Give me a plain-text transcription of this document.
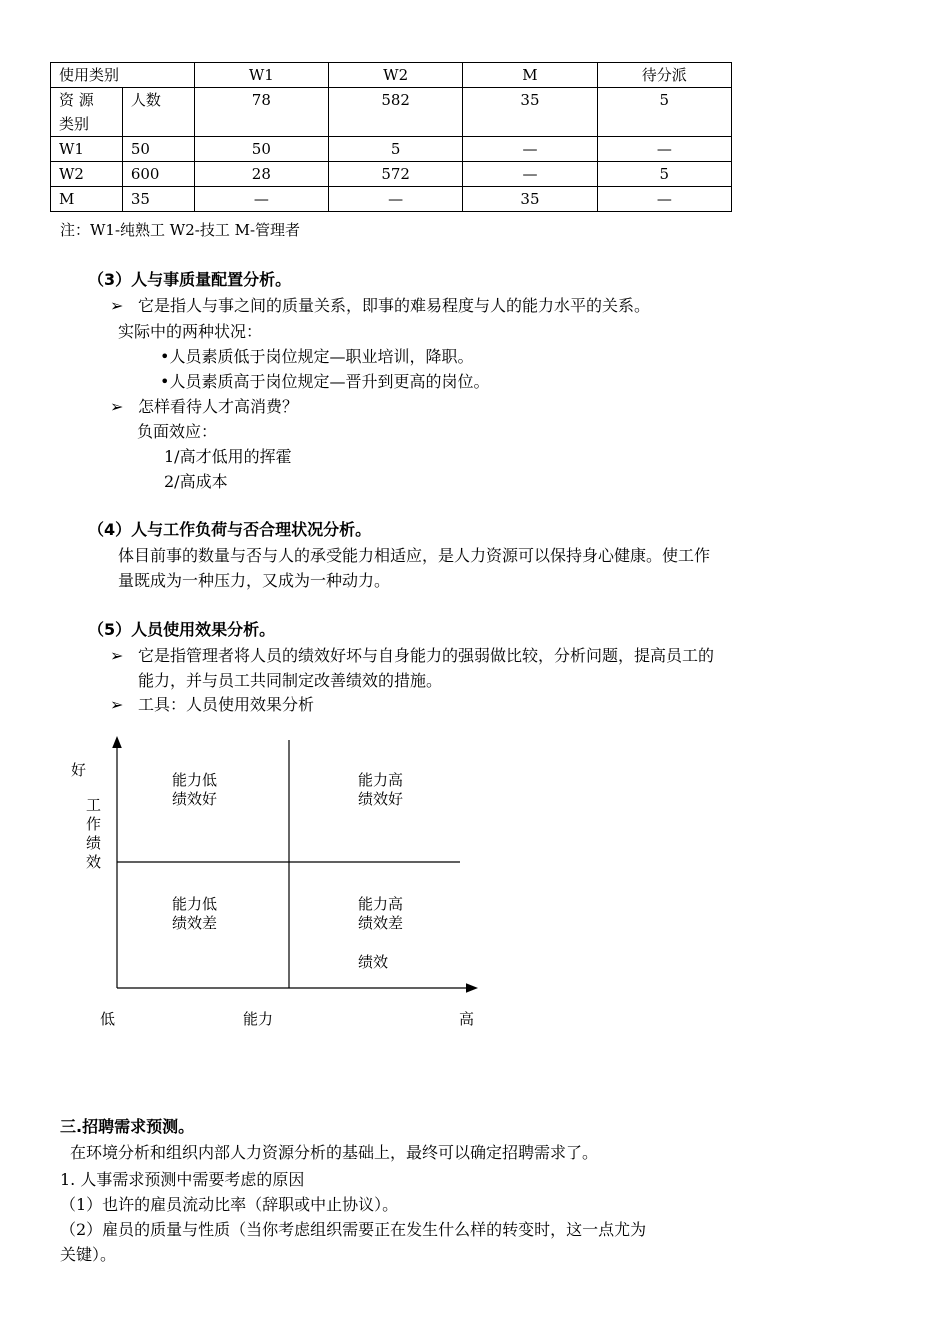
使用类别		W1	W2	M	待分派
资 源
类别	人数	78	582	35	5
W1	50	50	5	—	—
W2	600	28	572	—	5
M	35	—	—	35	—
注：W1-纯熟工 W2-技工 M-管理者
（3）人与事质量配置分析。
➢ 它是指人与事之间的质量关系，即事的难易程度与人的能力水平的关系。
实际中的两种状况：
•人员素质低于岗位规定—职业培训，降职。
•人员素质高于岗位规定—晋升到更高的岗位。
➢ 怎样看待人才高消费？
负面效应：
1/高才低用的挥霍
2/高成本
（4）人与工作负荷与否合理状况分析。
体目前事的数量与否与人的承受能力相适应，是人力资源可以保持身心健康。使工作
量既成为一种压力，又成为一种动力。
（5）人员使用效果分析。
➢ 它是指管理者将人员的绩效好坏与自身能力的强弱做比较，分析问题，提高员工的
能力，并与员工共同制定改善绩效的措施。
➢ 工具：人员使用效果分析
好
工
作
绩
效
能力低
绩效好
能力高
绩效好
能力低
绩效差
能力高
绩效差
绩效
低	能力	高
三.招聘需求预测。
在环境分析和组织内部人力资源分析的基础上，最终可以确定招聘需求了。
1. 人事需求预测中需要考虑的原因
（1）也许的雇员流动比率（辞职或中止协议）。
（2）雇员的质量与性质（当你考虑组织需要正在发生什么样的转变时，这一点尤为
关键）。
